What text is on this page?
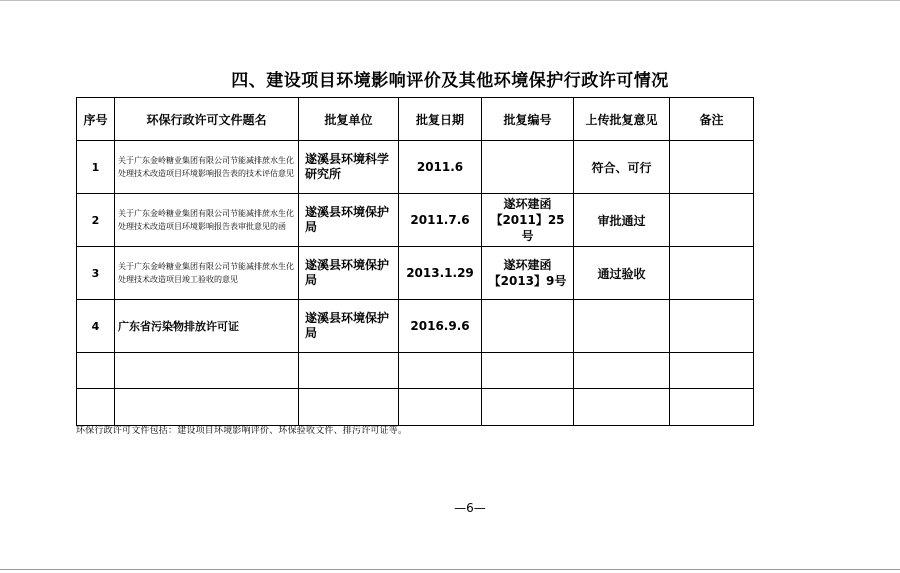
四、建设项目环境影响评价及其他环境保护行政许可情况
序号	环保行政许可文件题名	批复单位	批复日期	批复编号	上传批复意见	备注
1	关于广东金岭糖业集团有限公司节能减排蔗水生化处理技术改造项目环境影响报告表的技术评估意见	遂溪县环境科学研究所	2011.6		符合、可行	
2	关于广东金岭糖业集团有限公司节能减排蔗水生化处理技术改造项目环境影响报告表审批意见的函	遂溪县环境保护局	2011.7.6	遂环建函【2011】25号	审批通过	
3	关于广东金岭糖业集团有限公司节能减排蔗水生化处理技术改造项目竣工验收的意见	遂溪县环境保护局	2013.1.29	遂环建函【2013】9号	通过验收	
4	广东省污染物排放许可证	遂溪县环境保护局	2016.9.6			

环保行政许可文件包括：建设项目环境影响评价、环保验收文件、排污许可证等。
—6—
